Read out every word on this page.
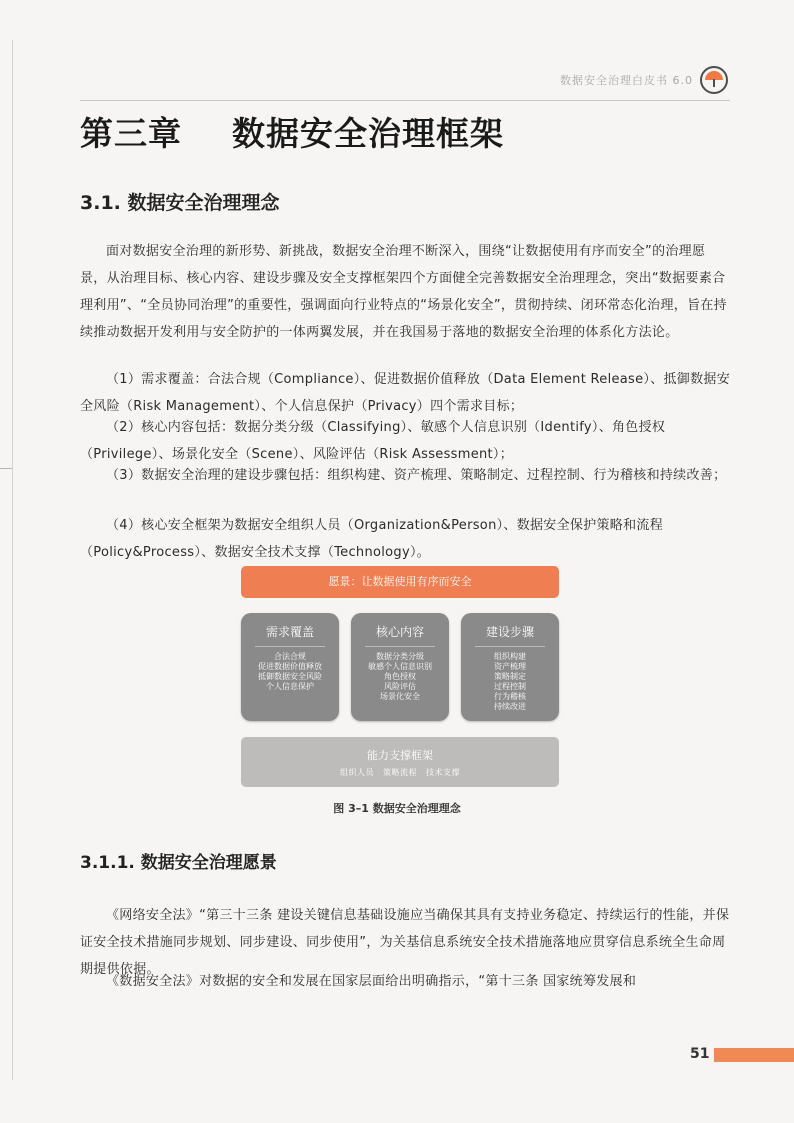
数据安全治理白皮书 6.0
第三章    数据安全治理框架
3.1. 数据安全治理理念

面对数据安全治理的新形势、新挑战，数据安全治理不断深入，围绕“让数据使用有序而安全”的治理愿景，从治理目标、核心内容、建设步骤及安全支撑框架四个方面健全完善数据安全治理理念，突出“数据要素合理利用”、“全员协同治理”的重要性，强调面向行业特点的“场景化安全”，贯彻持续、闭环常态化治理，旨在持续推动数据开发利用与安全防护的一体两翼发展，并在我国易于落地的数据安全治理的体系化方法论。

（1）需求覆盖：合法合规（Compliance）、促进数据价值释放（Data Element Release）、抵御数据安全风险（Risk Management）、个人信息保护（Privacy）四个需求目标；

（2）核心内容包括：数据分类分级（Classifying）、敏感个人信息识别（Identify）、角色授权（Privilege）、场景化安全（Scene）、风险评估（Risk Assessment）；

（3）数据安全治理的建设步骤包括：组织构建、资产梳理、策略制定、过程控制、行为稽核和持续改善；

（4）核心安全框架为数据安全组织人员（Organization&Person）、数据安全保护策略和流程（Policy&Process）、数据安全技术支撑（Technology）。

愿景：让数据使用有序而安全
需求覆盖
合法合规
促进数据价值释放
抵御数据安全风险
个人信息保护
核心内容
数据分类分级
敏感个人信息识别
角色授权
风险评估
场景化安全
建设步骤
组织构建
资产梳理
策略制定
过程控制
行为稽核
持续改进
能力支撑框架
组织人员 策略流程 技术支撑
图 3–1 数据安全治理理念
3.1.1. 数据安全治理愿景

《网络安全法》“第三十三条 建设关键信息基础设施应当确保其具有支持业务稳定、持续运行的性能，并保证安全技术措施同步规划、同步建设、同步使用”，为关基信息系统安全技术措施落地应贯穿信息系统全生命周期提供依据。

《数据安全法》对数据的安全和发展在国家层面给出明确指示，“第十三条 国家统筹发展和

51
